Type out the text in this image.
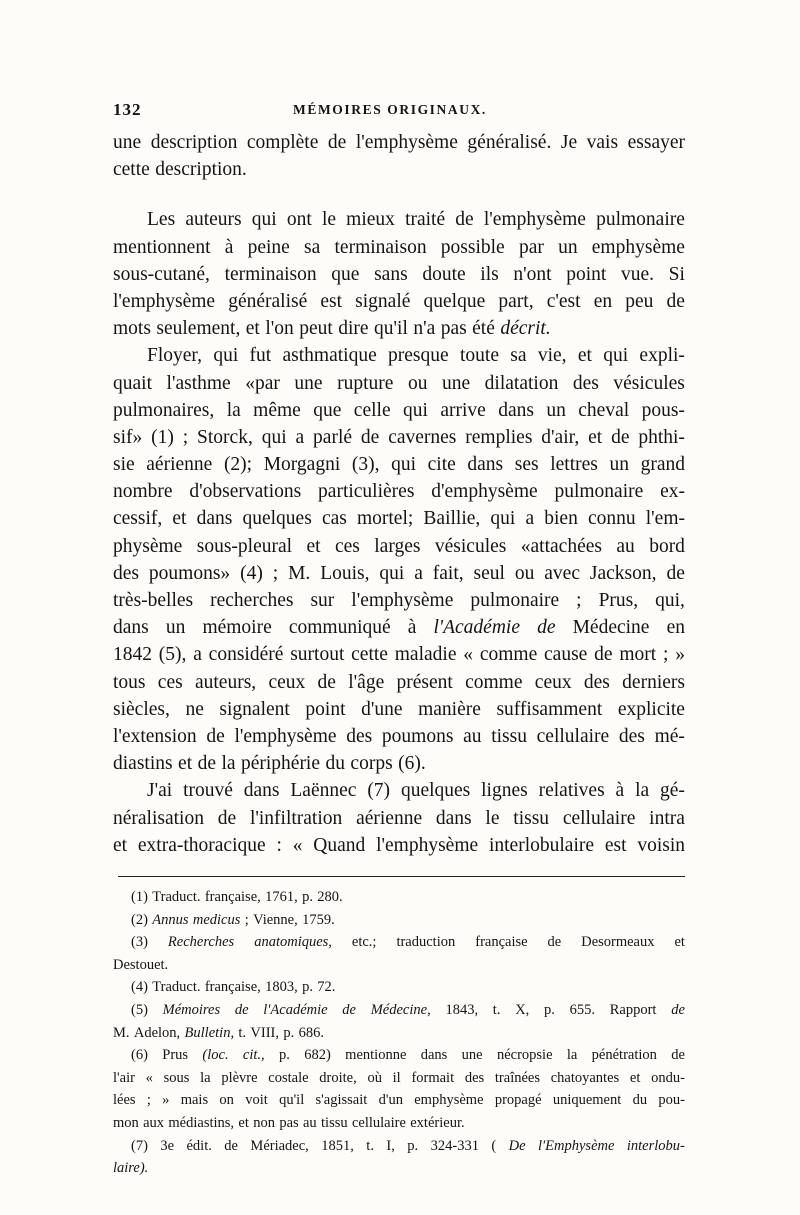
132	MÉMOIRES ORIGINAUX.
une description complète de l'emphysème généralisé. Je vais essayer
cette description.
Les auteurs qui ont le mieux traité de l'emphysème pulmonaire
mentionnent à peine sa terminaison possible par un emphysème
sous-cutané, terminaison que sans doute ils n'ont point vue. Si
l'emphysème généralisé est signalé quelque part, c'est en peu de
mots seulement, et l'on peut dire qu'il n'a pas été décrit.
Floyer, qui fut asthmatique presque toute sa vie, et qui expli-
quait l'asthme «par une rupture ou une dilatation des vésicules
pulmonaires, la même que celle qui arrive dans un cheval pous-
sif» (1) ; Storck, qui a parlé de cavernes remplies d'air, et de phthi-
sie aérienne (2); Morgagni (3), qui cite dans ses lettres un grand
nombre d'observations particulières d'emphysème pulmonaire ex-
cessif, et dans quelques cas mortel; Baillie, qui a bien connu l'em-
physème sous-pleural et ces larges vésicules «attachées au bord
des poumons» (4) ; M. Louis, qui a fait, seul ou avec Jackson, de
très-belles recherches sur l'emphysème pulmonaire ; Prus, qui,
dans un mémoire communiqué à l'Académie de Médecine en
1842 (5), a considéré surtout cette maladie « comme cause de mort ; »
tous ces auteurs, ceux de l'âge présent comme ceux des derniers
siècles, ne signalent point d'une manière suffisamment explicite
l'extension de l'emphysème des poumons au tissu cellulaire des mé-
diastins et de la périphérie du corps (6).
J'ai trouvé dans Laënnec (7) quelques lignes relatives à la gé-
néralisation de l'infiltration aérienne dans le tissu cellulaire intra
et extra-thoracique : « Quand l'emphysème interlobulaire est voisin
(1) Traduct. française, 1761, p. 280.
(2) Annus medicus ; Vienne, 1759.
(3) Recherches anatomiques, etc.; traduction française de Desormeaux et
Destouet.
(4) Traduct. française, 1803, p. 72.
(5) Mémoires de l'Académie de Médecine, 1843, t. X, p. 655. Rapport de
M. Adelon, Bulletin, t. VIII, p. 686.
(6) Prus (loc. cit., p. 682) mentionne dans une nécropsie la pénétration de
l'air « sous la plèvre costale droite, où il formait des traînées chatoyantes et ondu-
lées ; » mais on voit qu'il s'agissait d'un emphysème propagé uniquement du pou-
mon aux médiastins, et non pas au tissu cellulaire extérieur.
(7) 3e édit. de Mériadec, 1851, t. I, p. 324-331 ( De l'Emphysème interlobu-
laire).
